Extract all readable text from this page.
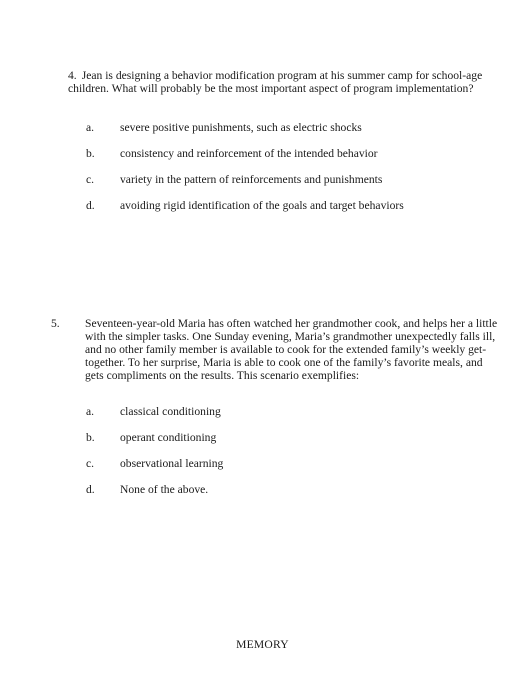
4. Jean is designing a behavior modification program at his summer camp for school-age children. What will probably be the most important aspect of program implementation?
a.	severe positive punishments, such as electric shocks
b.	consistency and reinforcement of the intended behavior
c.	variety in the pattern of reinforcements and punishments
d.	avoiding rigid identification of the goals and target behaviors
5. Seventeen-year-old Maria has often watched her grandmother cook, and helps her a little with the simpler tasks. One Sunday evening, Maria’s grandmother unexpectedly falls ill, and no other family member is available to cook for the extended family’s weekly get-together. To her surprise, Maria is able to cook one of the family’s favorite meals, and gets compliments on the results. This scenario exemplifies:
a.	classical conditioning
b.	operant conditioning
c.	observational learning
d.	None of the above.
MEMORY
